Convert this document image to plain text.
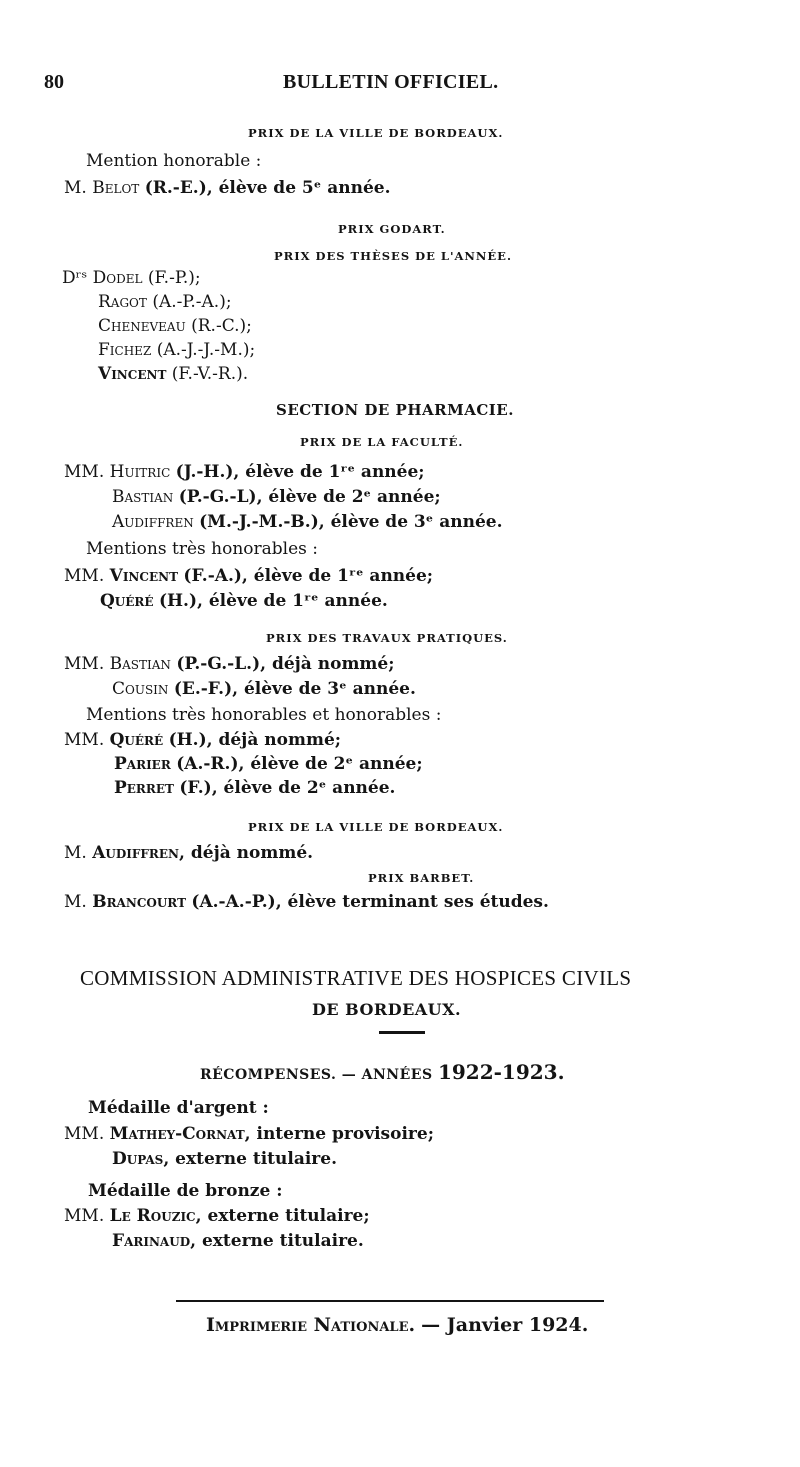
80	BULLETIN OFFICIEL.
PRIX DE LA VILLE DE BORDEAUX.
Mention honorable :
M. Belot (R.-E.), élève de 5ᵉ année.
PRIX GODART.
PRIX DES THÈSES DE L'ANNÉE.
Dʳˢ Dodel (F.-P.);
Ragot (A.-P.-A.);
Cheneveau (R.-C.);
Fichez (A.-J.-J.-M.);
Vincent (F.-V.-R.).
SECTION DE PHARMACIE.
PRIX DE LA FACULTÉ.
MM. Huitric (J.-H.), élève de 1ʳᵉ année;
Bastian (P.-G.-L), élève de 2ᵉ année;
Audiffren (M.-J.-M.-B.), élève de 3ᵉ année.
Mentions très honorables :
MM. Vincent (F.-A.), élève de 1ʳᵉ année;
Quéré (H.), élève de 1ʳᵉ année.
PRIX DES TRAVAUX PRATIQUES.
MM. Bastian (P.-G.-L.), déjà nommé;
Cousin (E.-F.), élève de 3ᵉ année.
Mentions très honorables et honorables :
MM. Quéré (H.), déjà nommé;
Parier (A.-R.), élève de 2ᵉ année;
Perret (F.), élève de 2ᵉ année.
PRIX DE LA VILLE DE BORDEAUX.
M. Audiffren, déjà nommé.
PRIX BARBET.
M. Brancourt (A.-A.-P.), élève terminant ses études.
COMMISSION ADMINISTRATIVE DES HOSPICES CIVILS
DE BORDEAUX.
RÉCOMPENSES. — ANNÉES 1922-1923.
Médaille d'argent :
MM. Mathey-Cornat, interne provisoire;
Dupas, externe titulaire.
Médaille de bronze :
MM. Le Rouzic, externe titulaire;
Farinaud, externe titulaire.
Imprimerie Nationale. — Janvier 1924.
